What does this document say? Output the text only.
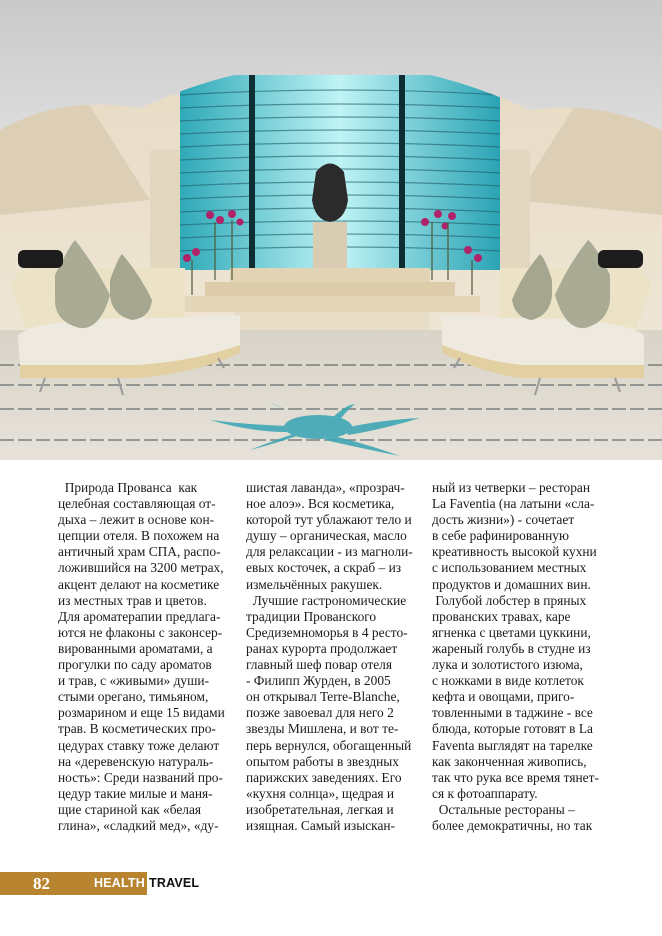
Природа Прованса  как
целебная составляющая от-
дыха – лежит в основе кон-
цепции отеля. В похожем на
античный храм СПА, распо-
ложившийся на 3200 метрах,
акцент делают на косметике
из местных трав и цветов.
Для ароматерапии предлага-
ются не флаконы с законсер-
вированными ароматами, а
прогулки по саду ароматов
и трав, с «живыми» души-
стыми орегано, тимьяном,
розмарином и еще 15 видами
трав. В косметических про-
цедурах ставку тоже делают
на «деревенскую натураль-
ность»: Среди названий про-
цедур такие милые и маня-
щие стариной как «белая
глина», «сладкий мед», «ду-
шистая лаванда», «прозрач-
ное алоэ». Вся косметика,
которой тут ублажают тело и
душу – органическая, масло
для релаксации - из магноли-
евых косточек, а скраб – из
измельчённых ракушек.
Лучшие гастрономические
традиции Прованского
Средиземноморья в 4 ресто-
ранах курорта продолжает
главный шеф повар отеля
- Филипп Журден, в 2005
он открывал Terre-Blanche,
позже завоевал для него 2
звезды Мишлена, и вот те-
перь вернулся, обогащенный
опытом работы в звездных
парижских заведениях. Его
«кухня солнца», щедрая и
изобретательная, легкая и
изящная. Самый изыскан-
ный из четверки – ресторан
La Faventia (на латыни «сла-
дость жизни») - сочетает
в себе рафинированную
креативность высокой кухни
с использованием местных
продуктов и домашних вин.
Голубой лобстер в пряных
прованских травах, каре
ягненка с цветами цуккини,
жареный голубь в студне из
лука и золотистого изюма,
с ножками в виде котлеток
кефта и овощами, приго-
товленными в таджине - все
блюда, которые готовят в La
Faventa выглядят на тарелке
как законченная живопись,
так что рука все время тянет-
ся к фотоаппарату.
Остальные рестораны –
более демократичны, но так
82	HEALTH TRAVEL
